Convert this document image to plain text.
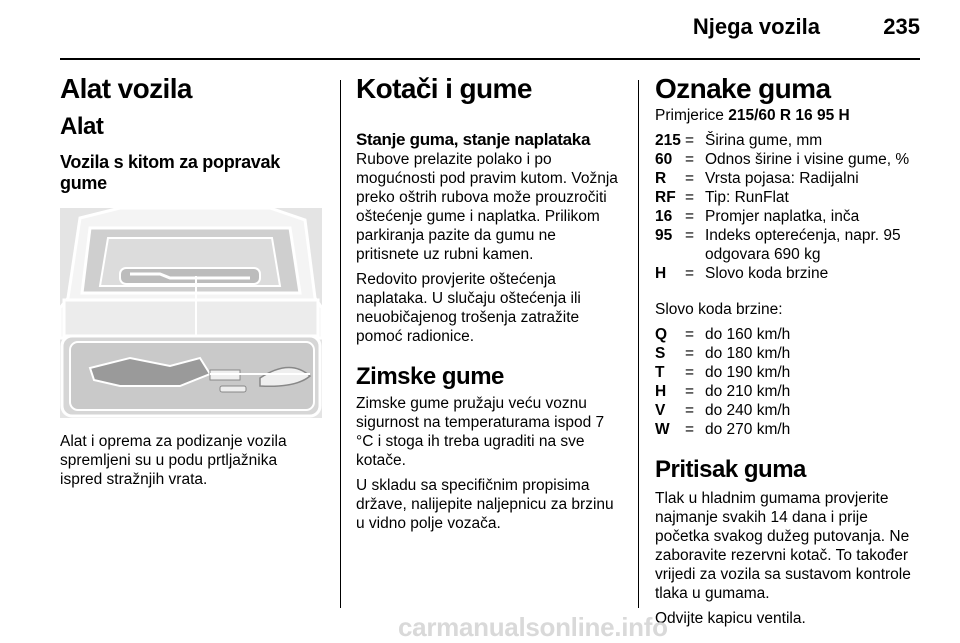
Njega vozila	235
Alat vozila
Alat
Vozila s kitom za popravak gume

Alat i oprema za podizanje vozila spremljeni su u podu prtljažnika ispred stražnjih vrata.

Kotači i gume
Stanje guma, stanje naplataka

Rubove prelazite polako i po mogućnosti pod pravim kutom. Vožnja preko oštrih rubova može prouzročiti oštećenje gume i naplatka. Prilikom parkiranja pazite da gumu ne pritisnete uz rubni kamen.

Redovito provjerite oštećenja naplataka. U slučaju oštećenja ili neuobičajenog trošenja zatražite pomoć radionice.

Zimske gume

Zimske gume pružaju veću voznu sigurnost na temperaturama ispod 7 °C i stoga ih treba ugraditi na sve kotače.

U skladu sa specifičnim propisima države, nalijepite naljepnicu za brzinu u vidno polje vozača.

Oznake guma

Primjerice 215/60 R 16 95 H

215	=	Širina gume, mm
60	=	Odnos širine i visine gume, %
R	=	Vrsta pojasa: Radijalni
RF	=	Tip: RunFlat
16	=	Promjer naplatka, inča
95	=	Indeks opterećenja, napr. 95 odgovara 690 kg
H	=	Slovo koda brzine

Slovo koda brzine:

Q	=	do 160 km/h
S	=	do 180 km/h
T	=	do 190 km/h
H	=	do 210 km/h
V	=	do 240 km/h
W	=	do 270 km/h
Pritisak guma

Tlak u hladnim gumama provjerite najmanje svakih 14 dana i prije početka svakog dužeg putovanja. Ne zaboravite rezervni kotač. To također vrijedi za vozila sa sustavom kontrole tlaka u gumama.

Odvijte kapicu ventila.

carmanualsonline.info
